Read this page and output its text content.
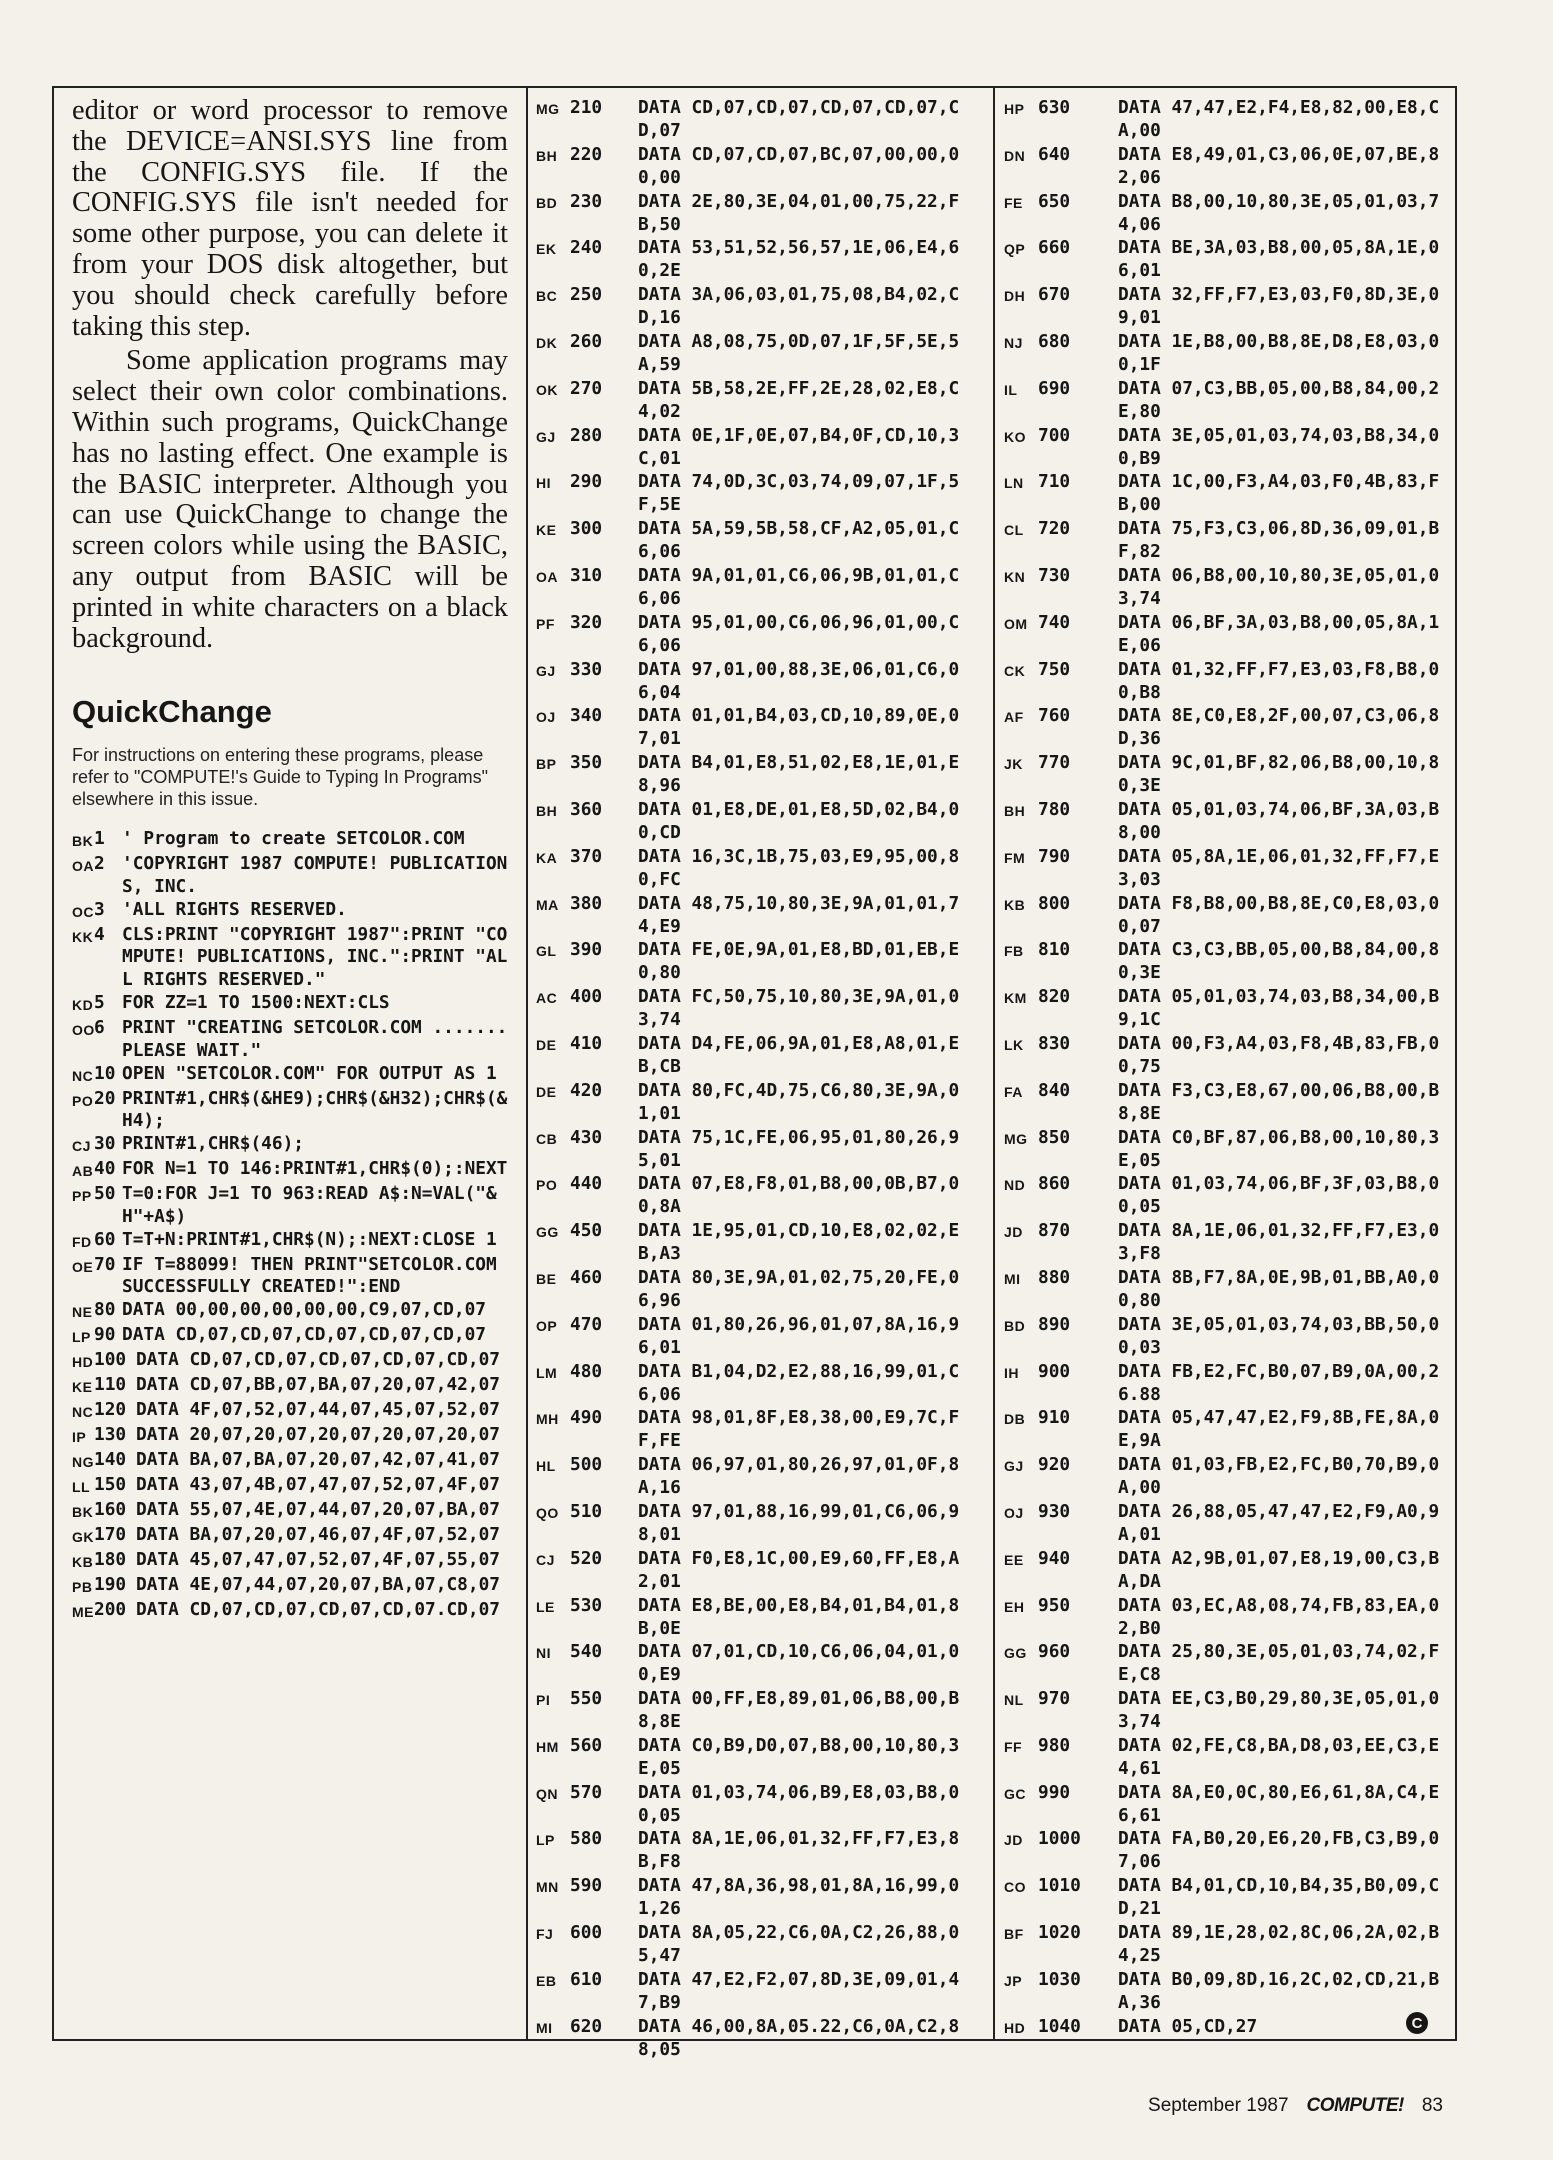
editor or word processor to remove the DEVICE=ANSI.SYS line from the CONFIG.SYS file. If the CONFIG.SYS file isn't needed for some other purpose, you can delete it from your DOS disk altogether, but you should check carefully before taking this step.

Some application programs may select their own color combinations. Within such programs, QuickChange has no lasting effect. One example is the BASIC interpreter. Although you can use QuickChange to change the screen colors while using the BASIC, any output from BASIC will be printed in white characters on a black background.

QuickChange

For instructions on entering these programs, please refer to "COMPUTE!'s Guide to Typing In Programs" elsewhere in this issue.

BK 1 ' Program to create SETCOLOR.COM
OA 2 'COPYRIGHT 1987 COMPUTE! PUBLICATIONS, INC.
OC 3 'ALL RIGHTS RESERVED.
KK 4 CLS:PRINT "COPYRIGHT 1987":PRINT "COMPUTE! PUBLICATIONS, INC.":PRINT "ALL RIGHTS RESERVED."
KD 5 FOR ZZ=1 TO 1500:NEXT:CLS
OO 6 PRINT "CREATING SETCOLOR.COM ....... PLEASE WAIT."
NC 10 OPEN "SETCOLOR.COM" FOR OUTPUT AS 1
PO 20 PRINT#1,CHR$(&HE9);CHR$(&H32);CHR$(&H4);
CJ 30 PRINT#1,CHR$(46);
AB 40 FOR N=1 TO 146:PRINT#1,CHR$(0);:NEXT
PP 50 T=0:FOR J=1 TO 963:READ A$:N=VAL("&H"+A$)
FD 60 T=T+N:PRINT#1,CHR$(N);:NEXT:CLOSE 1
OE 70 IF T=88099! THEN PRINT"SETCOLOR.COM SUCCESSFULLY CREATED!":END
NE 80 DATA 00,00,00,00,00,00,C9,07,CD,07
LP 90 DATA CD,07,CD,07,CD,07,CD,07,CD,07
HD 100 DATA CD,07,CD,07,CD,07,CD,07,CD,07
KE 110 DATA CD,07,BB,07,BA,07,20,07,42,07
NC 120 DATA 4F,07,52,07,44,07,45,07,52,07
IP 130 DATA 20,07,20,07,20,07,20,07,20,07
NG 140 DATA BA,07,BA,07,20,07,42,07,41,07
LL 150 DATA 43,07,4B,07,47,07,52,07,4F,07
BK 160 DATA 55,07,4E,07,44,07,20,07,BA,07
GK 170 DATA BA,07,20,07,46,07,4F,07,52,07
KB 180 DATA 45,07,47,07,52,07,4F,07,55,07
PB 190 DATA 4E,07,44,07,20,07,BA,07,C8,07
ME 200 DATA CD,07,CD,07,CD,07,CD,07.CD,07
MG 210	DATA CD,07,CD,07,CD,07,CD,07,CD,07
BH 220	DATA CD,07,CD,07,BC,07,00,00,00,00
BD 230	DATA 2E,80,3E,04,01,00,75,22,FB,50
EK 240	DATA 53,51,52,56,57,1E,06,E4,60,2E
BC 250	DATA 3A,06,03,01,75,08,B4,02,CD,16
DK 260	DATA A8,08,75,0D,07,1F,5F,5E,5A,59
OK 270	DATA 5B,58,2E,FF,2E,28,02,E8,C4,02
GJ 280	DATA 0E,1F,0E,07,B4,0F,CD,10,3C,01
HI	290	DATA 74,0D,3C,03,74,09,07,1F,5F,5E
KE 300	DATA 5A,59,5B,58,CF,A2,05,01,C6,06
OA 310	DATA 9A,01,01,C6,06,9B,01,01,C6,06
PF 320	DATA 95,01,00,C6,06,96,01,00,C6,06
GJ 330	DATA 97,01,00,88,3E,06,01,C6,06,04
OJ 340	DATA 01,01,B4,03,CD,10,89,0E,07,01
BP 350	DATA B4,01,E8,51,02,E8,1E,01,E8,96
BH 360	DATA 01,E8,DE,01,E8,5D,02,B4,00,CD
KA 370	DATA 16,3C,1B,75,03,E9,95,00,80,FC
MA 380	DATA 48,75,10,80,3E,9A,01,01,74,E9
GL 390	DATA FE,0E,9A,01,E8,BD,01,EB,E0,80
AC 400	DATA FC,50,75,10,80,3E,9A,01,03,74
DE 410	DATA D4,FE,06,9A,01,E8,A8,01,EB,CB
DE 420	DATA 80,FC,4D,75,C6,80,3E,9A,01,01
CB 430	DATA 75,1C,FE,06,95,01,80,26,95,01
PO 440	DATA 07,E8,F8,01,B8,00,0B,B7,00,8A
GG 450	DATA 1E,95,01,CD,10,E8,02,02,EB,A3
BE 460	DATA 80,3E,9A,01,02,75,20,FE,06,96
OP 470	DATA 01,80,26,96,01,07,8A,16,96,01
LM 480	DATA B1,04,D2,E2,88,16,99,01,C6,06
MH 490	DATA 98,01,8F,E8,38,00,E9,7C,FF,FE
HL 500	DATA 06,97,01,80,26,97,01,0F,8A,16
QO 510	DATA 97,01,88,16,99,01,C6,06,98,01
CJ 520	DATA F0,E8,1C,00,E9,60,FF,E8,A2,01
LE 530	DATA E8,BE,00,E8,B4,01,B4,01,8B,0E
NI	540	DATA 07,01,CD,10,C6,06,04,01,00,E9
PI	550	DATA 00,FF,E8,89,01,06,B8,00,B8,8E
HM 560	DATA C0,B9,D0,07,B8,00,10,80,3E,05
QN 570	DATA 01,03,74,06,B9,E8,03,B8,00,05
LP 580	DATA 8A,1E,06,01,32,FF,F7,E3,8B,F8
MN 590	DATA 47,8A,36,98,01,8A,16,99,01,26
FJ 600	DATA 8A,05,22,C6,0A,C2,26,88,05,47
EB 610	DATA 47,E2,F2,07,8D,3E,09,01,47,B9
MI 620	DATA 46,00,8A,05.22,C6,0A,C2,88,05
HP 630	DATA 47,47,E2,F4,E8,82,00,E8,CA,00
DN 640	DATA E8,49,01,C3,06,0E,07,BE,82,06
FE 650	DATA B8,00,10,80,3E,05,01,03,74,06
QP 660	DATA BE,3A,03,B8,00,05,8A,1E,06,01
DH 670	DATA 32,FF,F7,E3,03,F0,8D,3E,09,01
NJ 680	DATA 1E,B8,00,B8,8E,D8,E8,03,00,1F
IL	690	DATA 07,C3,BB,05,00,B8,84,00,2E,80
KO 700	DATA 3E,05,01,03,74,03,B8,34,00,B9
LN 710	DATA 1C,00,F3,A4,03,F0,4B,83,FB,00
CL 720	DATA 75,F3,C3,06,8D,36,09,01,BF,82
KN 730	DATA 06,B8,00,10,80,3E,05,01,03,74
OM 740	DATA 06,BF,3A,03,B8,00,05,8A,1E,06
CK 750	DATA 01,32,FF,F7,E3,03,F8,B8,00,B8
AF 760	DATA 8E,C0,E8,2F,00,07,C3,06,8D,36
JK 770	DATA 9C,01,BF,82,06,B8,00,10,80,3E
BH 780	DATA 05,01,03,74,06,BF,3A,03,B8,00
FM 790	DATA 05,8A,1E,06,01,32,FF,F7,E3,03
KB 800	DATA F8,B8,00,B8,8E,C0,E8,03,00,07
FB 810	DATA C3,C3,BB,05,00,B8,84,00,80,3E
KM 820	DATA 05,01,03,74,03,B8,34,00,B9,1C
LK 830	DATA 00,F3,A4,03,F8,4B,83,FB,00,75
FA 840	DATA F3,C3,E8,67,00,06,B8,00,B8,8E
MG 850	DATA C0,BF,87,06,B8,00,10,80,3E,05
ND 860	DATA 01,03,74,06,BF,3F,03,B8,00,05
JD 870	DATA 8A,1E,06,01,32,FF,F7,E3,03,F8
MI 880	DATA 8B,F7,8A,0E,9B,01,BB,A0,00,80
BD 890	DATA 3E,05,01,03,74,03,BB,50,00,03
IH	900	DATA FB,E2,FC,B0,07,B9,0A,00,26.88
DB 910	DATA 05,47,47,E2,F9,8B,FE,8A,0E,9A
GJ 920	DATA 01,03,FB,E2,FC,B0,70,B9,0A,00
OJ 930	DATA 26,88,05,47,47,E2,F9,A0,9A,01
EE 940	DATA A2,9B,01,07,E8,19,00,C3,BA,DA
EH 950	DATA 03,EC,A8,08,74,FB,83,EA,02,B0
GG 960	DATA 25,80,3E,05,01,03,74,02,FE,C8
NL 970	DATA EE,C3,B0,29,80,3E,05,01,03,74
FF 980	DATA 02,FE,C8,BA,D8,03,EE,C3,E4,61
GC 990	DATA 8A,E0,0C,80,E6,61,8A,C4,E6,61
JD 1000	DATA FA,B0,20,E6,20,FB,C3,B9,07,06
CO 1010	DATA B4,01,CD,10,B4,35,B0,09,CD,21
BF 1020	DATA 89,1E,28,02,8C,06,2A,02,B4,25
JP 1030	DATA B0,09,8D,16,2C,02,CD,21,BA,36
HD 1040	DATA 05,CD,27	C
September 1987 COMPUTE! 83
